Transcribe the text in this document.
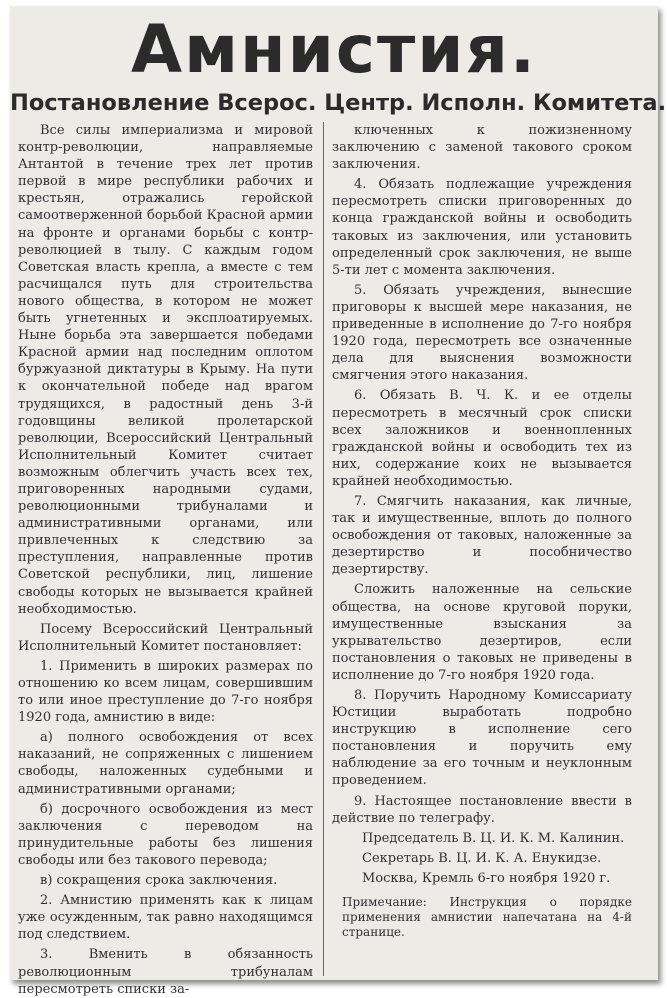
Амнистия.
Постановление Всерос. Центр. Исполн. Комитета.

Все силы империализма и мировой контр-революции, направляемые Антантой в течение трех лет против первой в мире республики рабочих и крестьян, отражались геройской самоотверженной борьбой Красной армии на фронте и органами борьбы с контр-революцией в тылу. С каждым годом Советская власть крепла, а вместе с тем расчищался путь для строительства нового общества, в котором не может быть угнетенных и эксплоатируемых. Ныне борьба эта завершается победами Красной армии над последним оплотом буржуазной диктатуры в Крыму. На пути к окончательной победе над врагом трудящихся, в радостный день 3-й годовщины великой пролетарской революции, Всероссийский Центральный Исполнительный Комитет считает возможным облегчить участь всех тех, приговоренных народными судами, революционными трибуналами и административными органами, или привлеченных к следствию за преступления, направленные против Советской республики, лиц, лишение свободы которых не вызывается крайней необходимостью.

Посему Всероссийский Центральный Исполнительный Комитет постановляет:

1. Применить в широких размерах по отношению ко всем лицам, совершившим то или иное преступление до 7-го ноября 1920 года, амнистию в виде:

а) полного освобождения от всех наказаний, не сопряженных с лишением свободы, наложенных судебными и административными органами;

б) досрочного освобождения из мест заключения с переводом на принудительные работы без лишения свободы или без такового перевода;

в) сокращения срока заключения.

2. Амнистию применять как к лицам уже осужденным, так равно находящимся под следствием.

3. Вменить в обязанность революционным трибуналам пересмотреть списки за-

ключенных к пожизненному заключению с заменой такового сроком заключения.

4. Обязать подлежащие учреждения пересмотреть списки приговоренных до конца гражданской войны и освободить таковых из заключения, или установить определенный срок заключения, не выше 5-ти лет с момента заключения.

5. Обязать учреждения, вынесшие приговоры к высшей мере наказания, не приведенные в исполнение до 7-го ноября 1920 года, пересмотреть все означенные дела для выяснения возможности смягчения этого наказания.

6. Обязать В. Ч. К. и ее отделы пересмотреть в месячный срок списки всех заложников и военнопленных гражданской войны и освободить тех из них, содержание коих не вызывается крайней необходимостью.

7. Смягчить наказания, как личные, так и имущественные, вплоть до полного освобождения от таковых, наложенные за дезертирство и пособничество дезертирству.

Сложить наложенные на сельские общества, на основе круговой поруки, имущественные взыскания за укрывательство дезертиров, если постановления о таковых не приведены в исполнение до 7-го ноября 1920 года.

8. Поручить Народному Комиссариату Юстиции выработать подробно инструкцию в исполнение сего постановления и поручить ему наблюдение за его точным и неуклонным проведением.

9. Настоящее постановление ввести в действие по телеграфу.

Председатель В. Ц. И. К. М. Калинин.

Секретарь В. Ц. И. К. А. Енукидзе.

Москва, Кремль 6-го ноября 1920 г.

Примечание: Инструкция о порядке применения амнистии напечатана на 4-й странице.
